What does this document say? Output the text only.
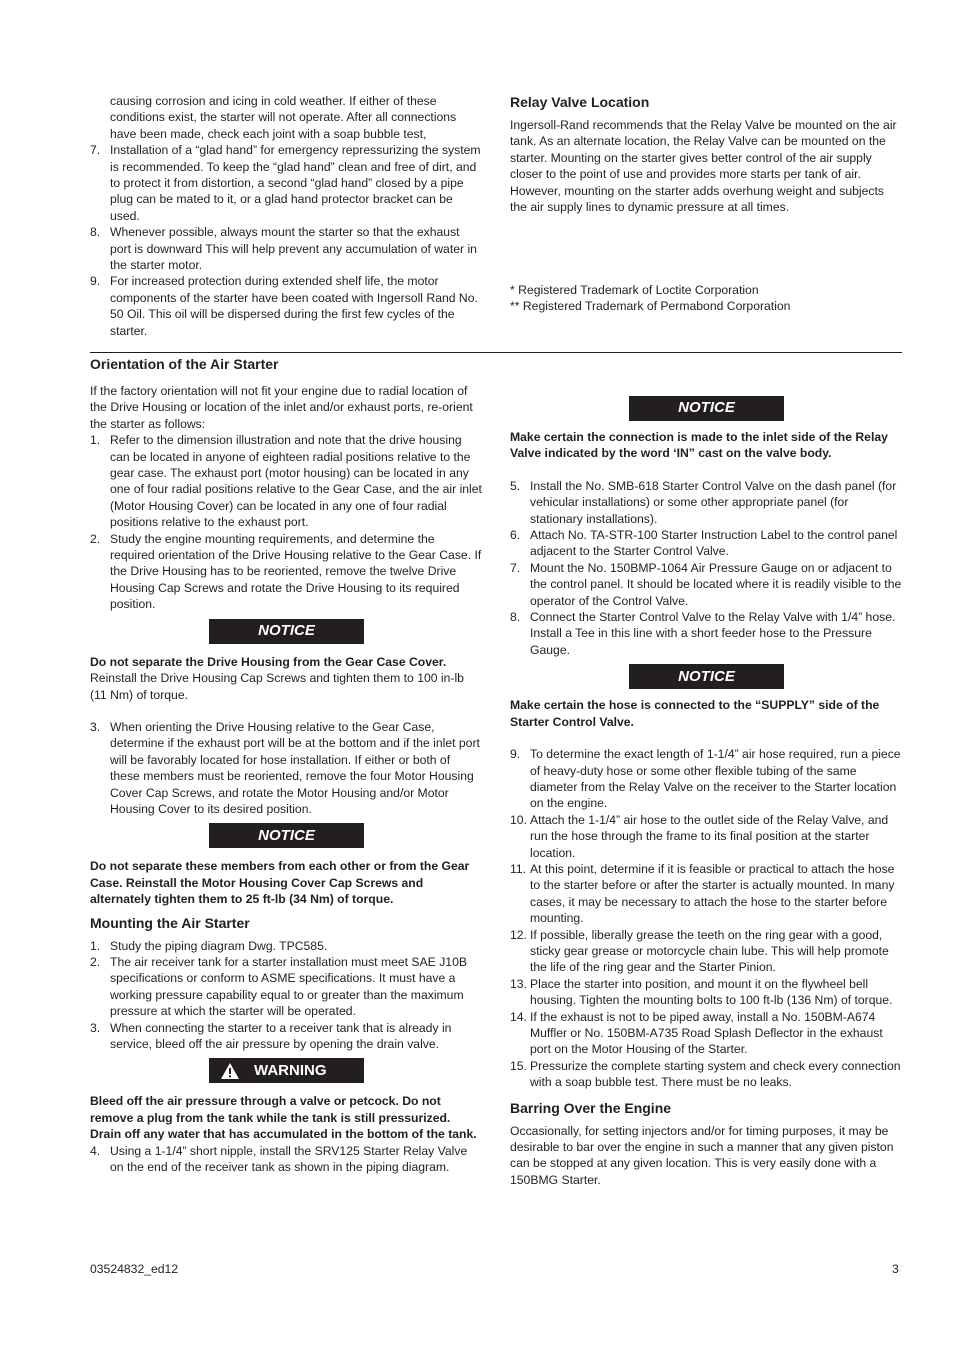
causing corrosion and icing in cold weather. If either of these conditions exist, the starter will not operate. After all connections have been made, check each joint with a soap bubble test,

7. Installation of a “glad hand” for emergency repressurizing the system is recommended. To keep the “glad hand” clean and free of dirt, and to protect it from distortion, a second “glad hand” closed by a pipe plug can be mated to it, or a glad hand protector bracket can be used.
8. Whenever possible, always mount the starter so that the exhaust port is downward This will help prevent any accumulation of water in the starter motor.
9. For increased protection during extended shelf life, the motor components of the starter have been coated with Ingersoll Rand No. 50 Oil. This oil will be dispersed during the first few cycles of the starter.
Relay Valve Location

Ingersoll-Rand recommends that the Relay Valve be mounted on the air tank. As an alternate location, the Relay Valve can be mounted on the starter. Mounting on the starter gives better control of the air supply closer to the point of use and provides more starts per tank of air. However, mounting on the starter adds overhung weight and subjects the air supply lines to dynamic pressure at all times.

* Registered Trademark of Loctite Corporation

** Registered Trademark of Permabond Corporation

Orientation of the Air Starter

If the factory orientation will not fit your engine due to radial location of the Drive Housing or location of the inlet and/or exhaust ports, re-orient the starter as follows:

1. Refer to the dimension illustration and note that the drive housing can be located in anyone of eighteen radial positions relative to the gear case. The exhaust port (motor housing) can be located in any one of four radial positions relative to the Gear Case, and the air inlet (Motor Housing Cover) can be located in any one of four radial positions relative to the exhaust port.
2. Study the engine mounting requirements, and determine the required orientation of the Drive Housing relative to the Gear Case. If the Drive Housing has to be reoriented, remove the twelve Drive Housing Cap Screws and rotate the Drive Housing to its required position.
NOTICE

Do not separate the Drive Housing from the Gear Case Cover.

Reinstall the Drive Housing Cap Screws and tighten them to 100 in-lb (11 Nm) of torque.

3. When orienting the Drive Housing relative to the Gear Case, determine if the exhaust port will be at the bottom and if the inlet port will be favorably located for hose installation. If either or both of these members must be reoriented, remove the four Motor Housing Cover Cap Screws, and rotate the Motor Housing and/or Motor Housing Cover to its desired position.
NOTICE

Do not separate these members from each other or from the Gear Case. Reinstall the Motor Housing Cover Cap Screws and alternately tighten them to 25 ft-lb (34 Nm) of torque.

Mounting the Air Starter
1. Study the piping diagram Dwg. TPC585.
2. The air receiver tank for a starter installation must meet SAE J10B specifications or conform to ASME specifications. It must have a working pressure capability equal to or greater than the maximum pressure at which the starter will be operated.
3. When connecting the starter to a receiver tank that is already in service, bleed off the air pressure by opening the drain valve.
WARNING

Bleed off the air pressure through a valve or petcock. Do not remove a plug from the tank while the tank is still pressurized. Drain off any water that has accumulated in the bottom of the tank.

4. Using a 1-1/4” short nipple, install the SRV125 Starter Relay Valve on the end of the receiver tank as shown in the piping diagram.
NOTICE

Make certain the connection is made to the inlet side of the Relay Valve indicated by the word ‘IN” cast on the valve body.

5. Install the No. SMB-618 Starter Control Valve on the dash panel (for vehicular installations) or some other appropriate panel (for stationary installations).
6. Attach No. TA-STR-100 Starter Instruction Label to the control panel adjacent to the Starter Control Valve.
7. Mount the No. 150BMP-1064 Air Pressure Gauge on or adjacent to the control panel. It should be located where it is readily visible to the operator of the Control Valve.
8. Connect the Starter Control Valve to the Relay Valve with 1/4” hose. Install a Tee in this line with a short feeder hose to the Pressure Gauge.
NOTICE

Make certain the hose is connected to the “SUPPLY” side of the Starter Control Valve.

9. To determine the exact length of 1-1/4” air hose required, run a piece of heavy-duty hose or some other flexible tubing of the same diameter from the Relay Valve on the receiver to the Starter location on the engine.
10. Attach the 1-1/4” air hose to the outlet side of the Relay Valve, and run the hose through the frame to its final position at the starter location.
11. At this point, determine if it is feasible or practical to attach the hose to the starter before or after the starter is actually mounted. In many cases, it may be necessary to attach the hose to the starter before mounting.
12. If possible, liberally grease the teeth on the ring gear with a good, sticky gear grease or motorcycle chain lube. This will help promote the life of the ring gear and the Starter Pinion.
13. Place the starter into position, and mount it on the flywheel bell housing. Tighten the mounting bolts to 100 ft-lb (136 Nm) of torque.
14. If the exhaust is not to be piped away, install a No. 150BM-A674 Muffler or No. 150BM-A735 Road Splash Deflector in the exhaust port on the Motor Housing of the Starter.
15. Pressurize the complete starting system and check every connection with a soap bubble test. There must be no leaks.
Barring Over the Engine

Occasionally, for setting injectors and/or for timing purposes, it may be desirable to bar over the engine in such a manner that any given piston can be stopped at any given location. This is very easily done with a 150BMG Starter.

03524832_ed12	3
